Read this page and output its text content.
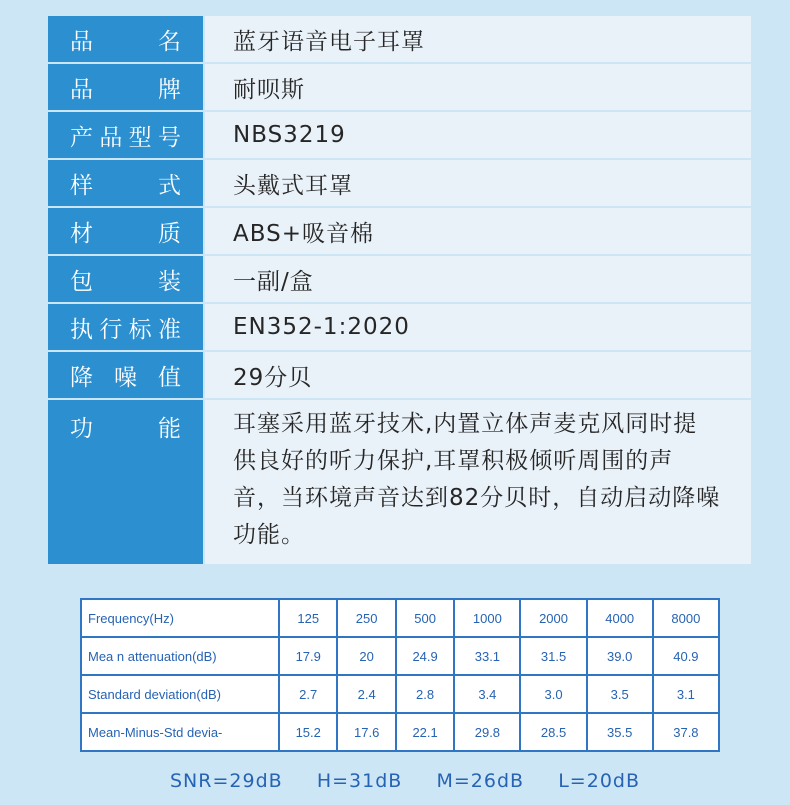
品	名	蓝牙语音电子耳罩
品	牌	耐呗斯
产 品 型 号	NBS3219
样	式	头戴式耳罩
材	质	ABS+吸音棉
包	装	一副/盒
执 行 标 准	EN352-1:2020
降 噪 值	29分贝
功	能	耳塞采用蓝牙技术,内置立体声麦克风同时提供良好的听力保护,耳罩积极倾听周围的声音，当环境声音达到82分贝时，自动启动降噪功能。
Frequency(Hz)	125	250	500	1000	2000	4000	8000
Mea n attenuation(dB)	17.9	20	24.9	33.1	31.5	39.0	40.9
Standard deviation(dB)	2.7	2.4	2.8	3.4	3.0	3.5	3.1
Mean-Minus-Std devia-	15.2	17.6	22.1	29.8	28.5	35.5	37.8
SNR=29dB H=31dB M=26dB L=20dB
